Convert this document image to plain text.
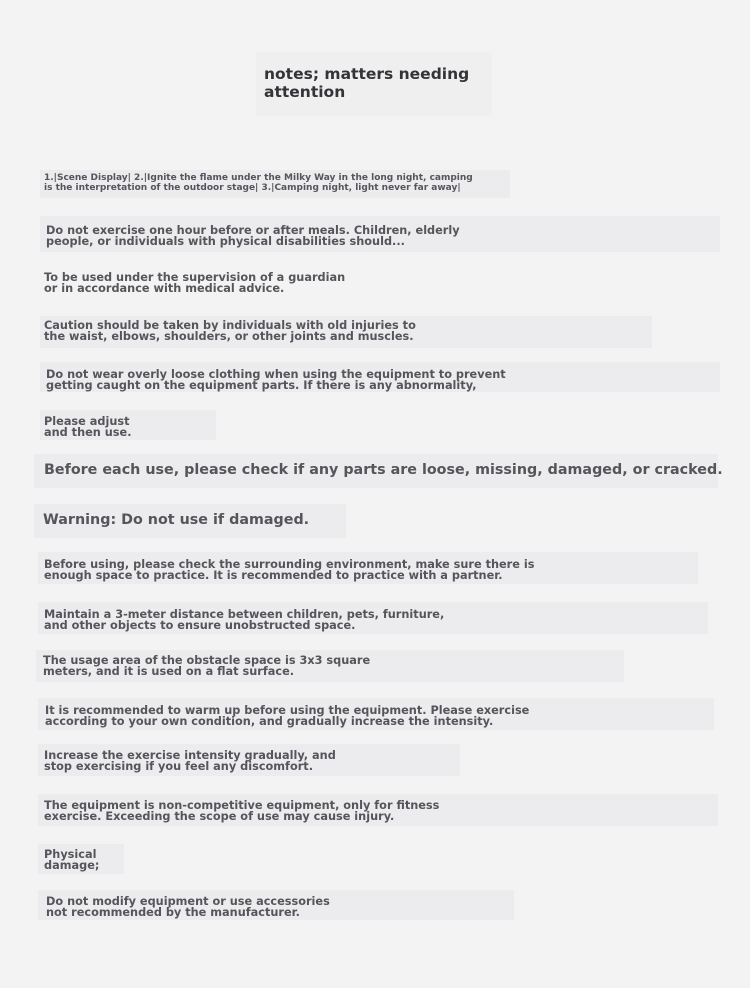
notes; matters needing
attention

1.|Scene Display| 2.|Ignite the flame under the Milky Way in the long night, camping
is the interpretation of the outdoor stage| 3.|Camping night, light never far away|

Do not exercise one hour before or after meals. Children, elderly
people, or individuals with physical disabilities should...

To be used under the supervision of a guardian
or in accordance with medical advice.

Caution should be taken by individuals with old injuries to
the waist, elbows, shoulders, or other joints and muscles.

Do not wear overly loose clothing when using the equipment to prevent
getting caught on the equipment parts. If there is any abnormality,

Please adjust
and then use.

Before each use, please check if any parts are loose, missing, damaged, or cracked.

Warning: Do not use if damaged.

Before using, please check the surrounding environment, make sure there is
enough space to practice. It is recommended to practice with a partner.

Maintain a 3-meter distance between children, pets, furniture,
and other objects to ensure unobstructed space.

The usage area of the obstacle space is 3x3 square
meters, and it is used on a flat surface.

It is recommended to warm up before using the equipment. Please exercise
according to your own condition, and gradually increase the intensity.

Increase the exercise intensity gradually, and
stop exercising if you feel any discomfort.

The equipment is non-competitive equipment, only for fitness
exercise. Exceeding the scope of use may cause injury.

Physical
damage;

Do not modify equipment or use accessories
not recommended by the manufacturer.
